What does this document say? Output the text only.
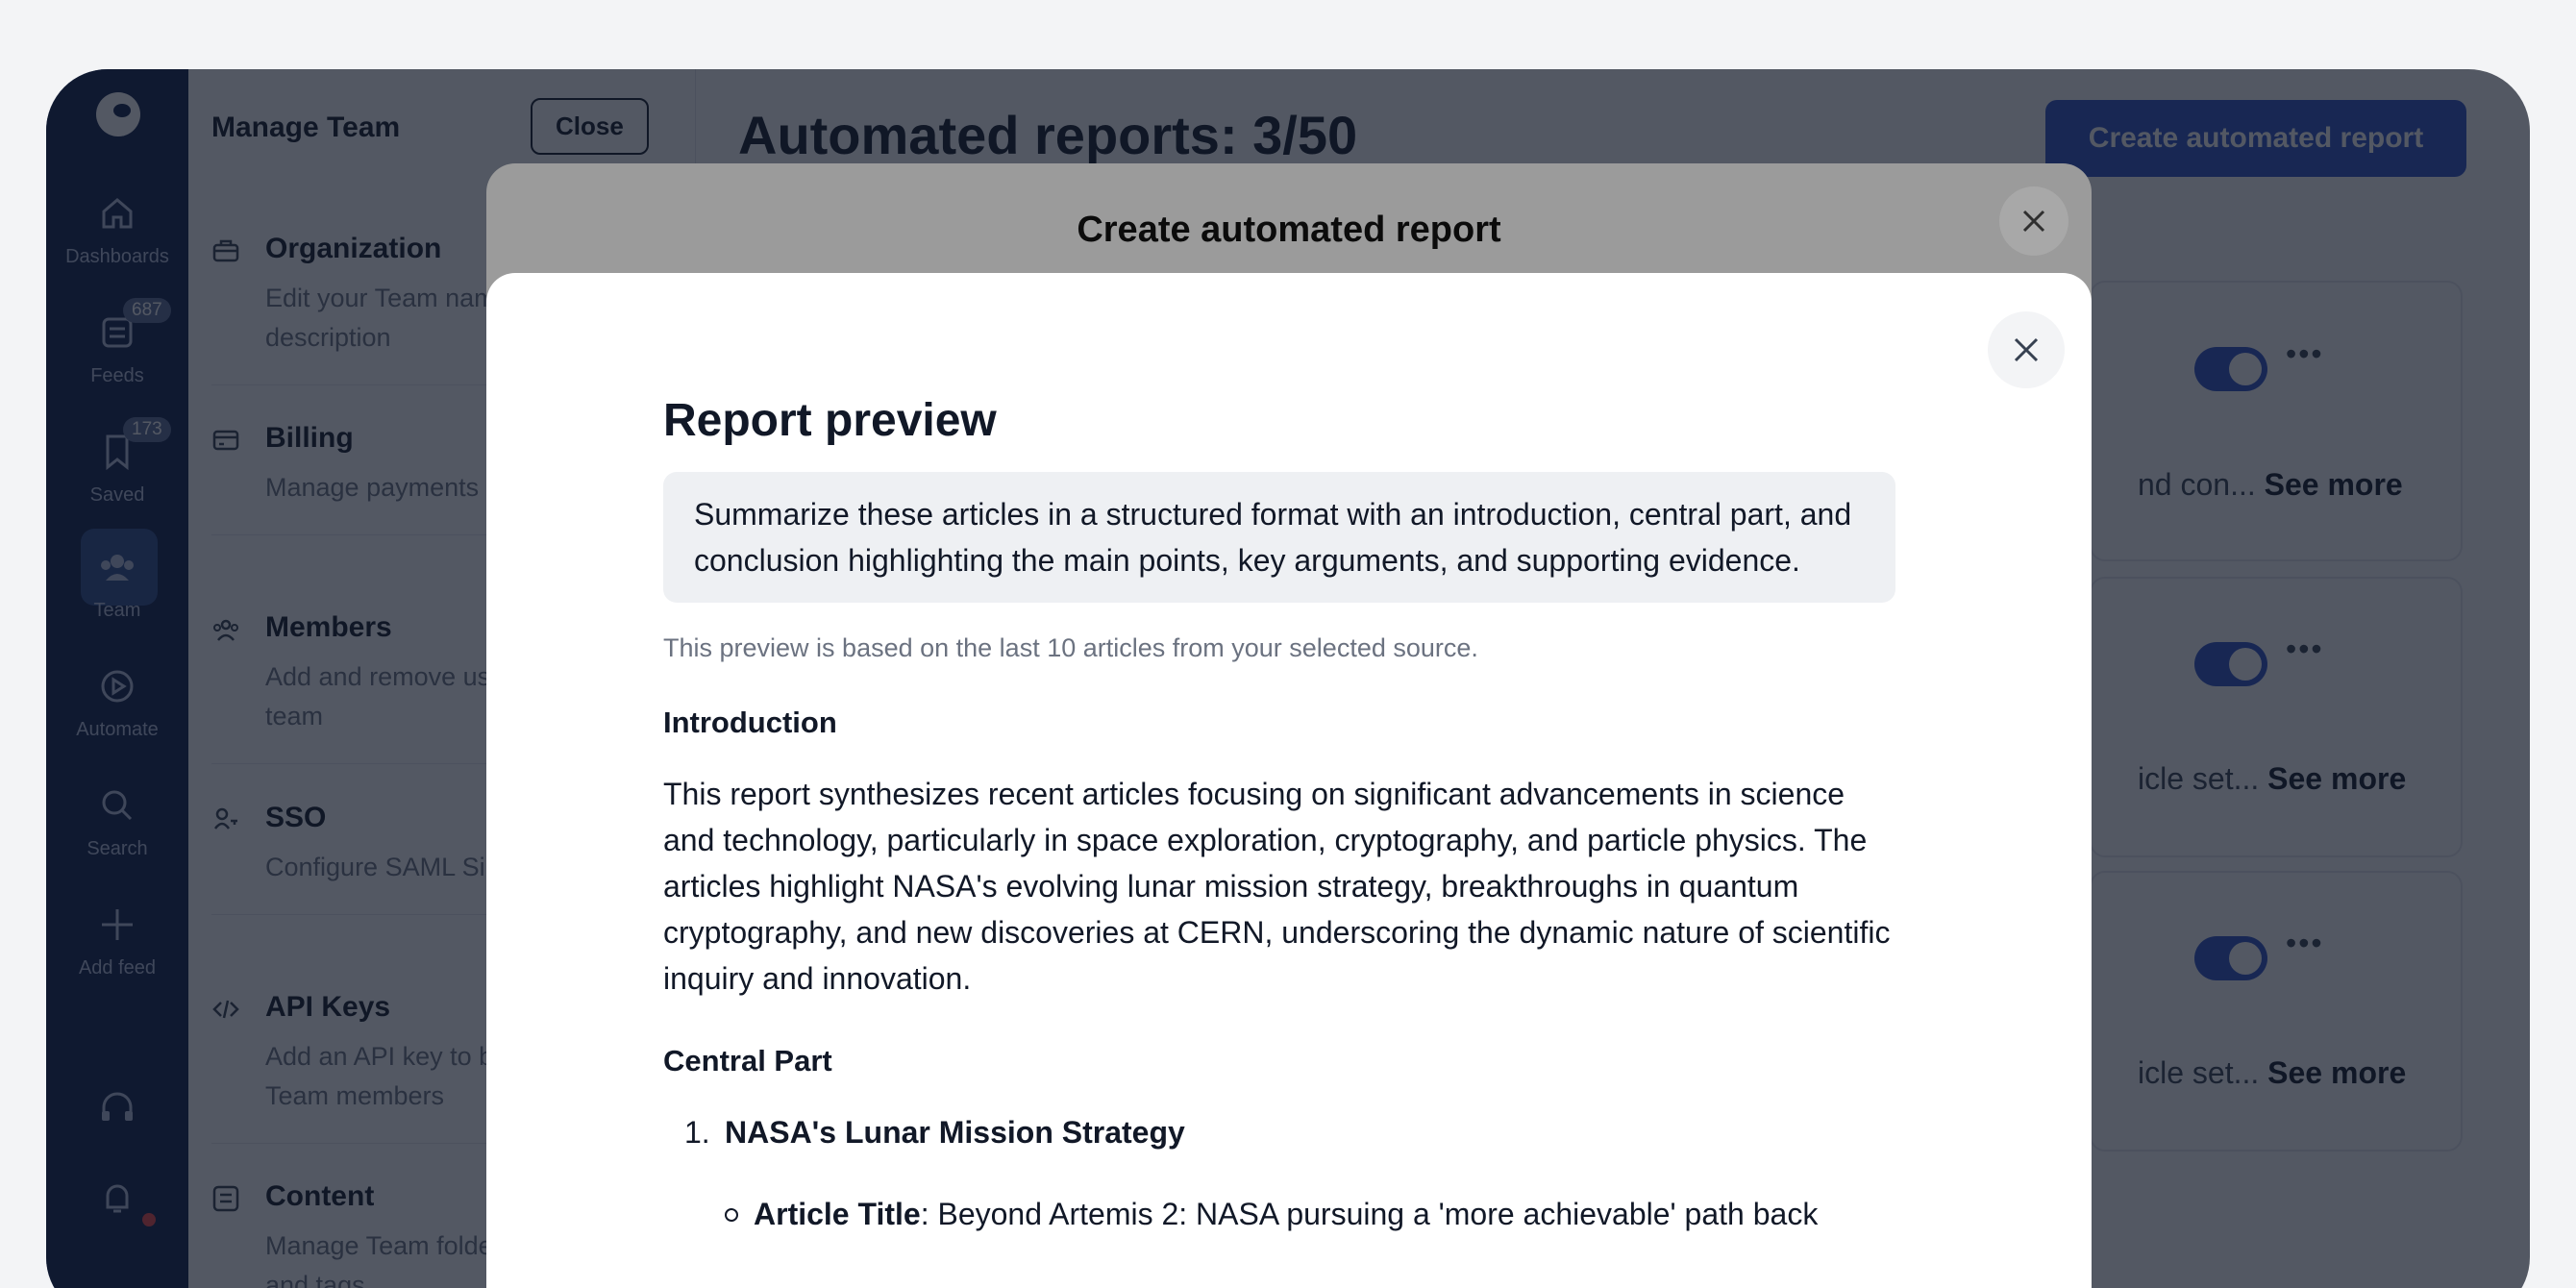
Create automated report
Report preview
Summarize these articles in a structured format with an introduction, central part, and conclusion highlighting the main points, key arguments, and supporting evidence.
This preview is based on the last 10 articles from your selected source.
Introduction
This report synthesizes recent articles focusing on significant advancements in science and technology, particularly in space exploration, cryptography, and particle physics. The articles highlight NASA's evolving lunar mission strategy, breakthroughs in quantum cryptography, and new discoveries at CERN, underscoring the dynamic nature of scientific inquiry and innovation.
Central Part
1. NASA's Lunar Mission Strategy
Article Title: Beyond Artemis 2: NASA pursuing a 'more achievable' path back
